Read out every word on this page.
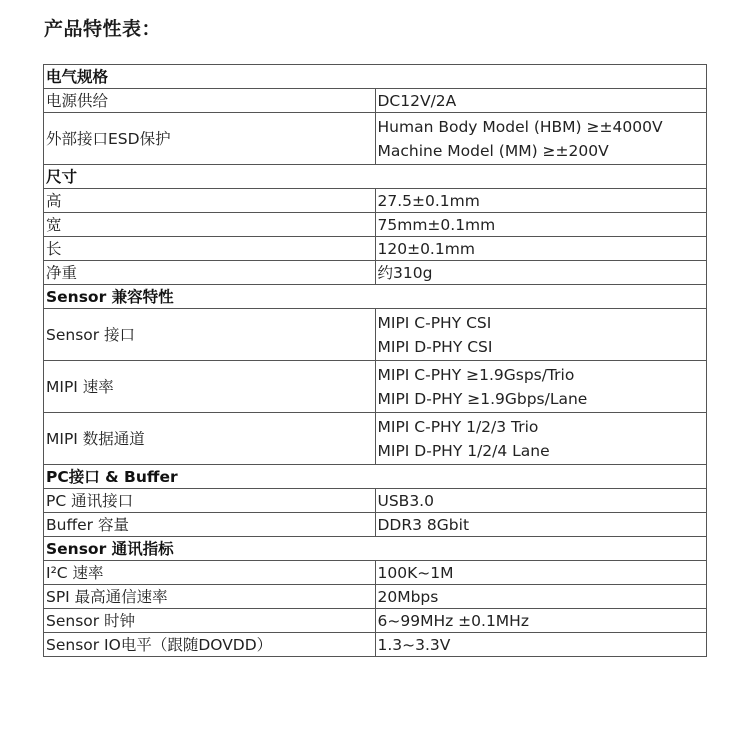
产品特性表：
电气规格	
电源供给	DC12V/2A

外部接口ESD保护	Human Body Model (HBM) ≥±4000V
Machine Model (MM) ≥±200V

尺寸	
高	27.5±0.1mm

宽	75mm±0.1mm

长	120±0.1mm

净重	约310g

Sensor 兼容特性	
Sensor 接口	MIPI C-PHY CSI
MIPI D-PHY CSI

MIPI 速率	MIPI C-PHY ≥1.9Gsps/Trio
MIPI D-PHY ≥1.9Gbps/Lane

MIPI 数据通道	MIPI C-PHY 1/2/3 Trio
MIPI D-PHY 1/2/4 Lane

PC接口 & Buffer	
PC 通讯接口	USB3.0

Buffer 容量	DDR3 8Gbit

Sensor 通讯指标	
I²C 速率	100K~1M

SPI 最高通信速率	20Mbps

Sensor 时钟	6~99MHz ±0.1MHz

Sensor IO电平（跟随DOVDD）	1.3~3.3V
